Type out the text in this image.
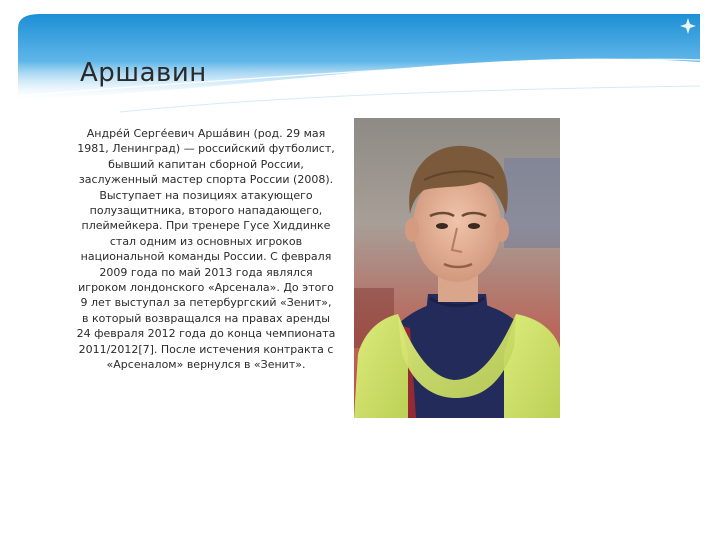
Аршавин

Андре́й Серге́евич Арша́вин (род. 29 мая 1981, Ленинград) — российский футболист, бывший капитан сборной России, заслуженный мастер спорта России (2008). Выступает на позициях атакующего полузащитника, второго нападающего, плеймейкера. При тренере Гусе Хиддинке стал одним из основных игроков национальной команды России. С февраля 2009 года по май 2013 года являлся игроком лондонского «Арсенала». До этого 9 лет выступал за петербургский «Зенит», в который возвращался на правах аренды 24 февраля 2012 года до конца чемпионата 2011/2012[7]. После истечения контракта с «Арсеналом» вернулся в «Зенит».
